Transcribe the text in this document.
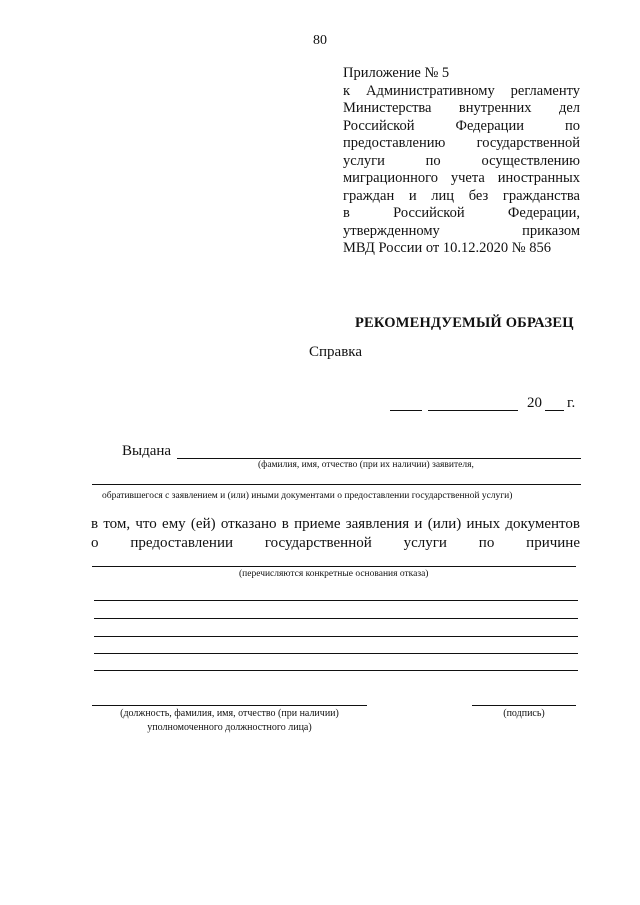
80
Приложение № 5
к Административному регламенту
Министерства внутренних дел
Российской Федерации по
предоставлению государственной
услуги по осуществлению
миграционного учета иностранных
граждан и лиц без гражданства
в Российской Федерации,
утвержденному приказом
МВД России от 10.12.2020 № 856
РЕКОМЕНДУЕМЫЙ ОБРАЗЕЦ
Справка
20 г.
Выдана
(фамилия, имя, отчество (при их наличии) заявителя,
обратившегося с заявлением и (или) иными документами о предоставлении государственной услуги)
в том, что ему (ей) отказано в приеме заявления и (или) иных документов
о предоставлении государственной услуги по причине
(перечисляются конкретные основания отказа)
(должность, фамилия, имя, отчество (при наличии)
уполномоченного должностного лица)
(подпись)
